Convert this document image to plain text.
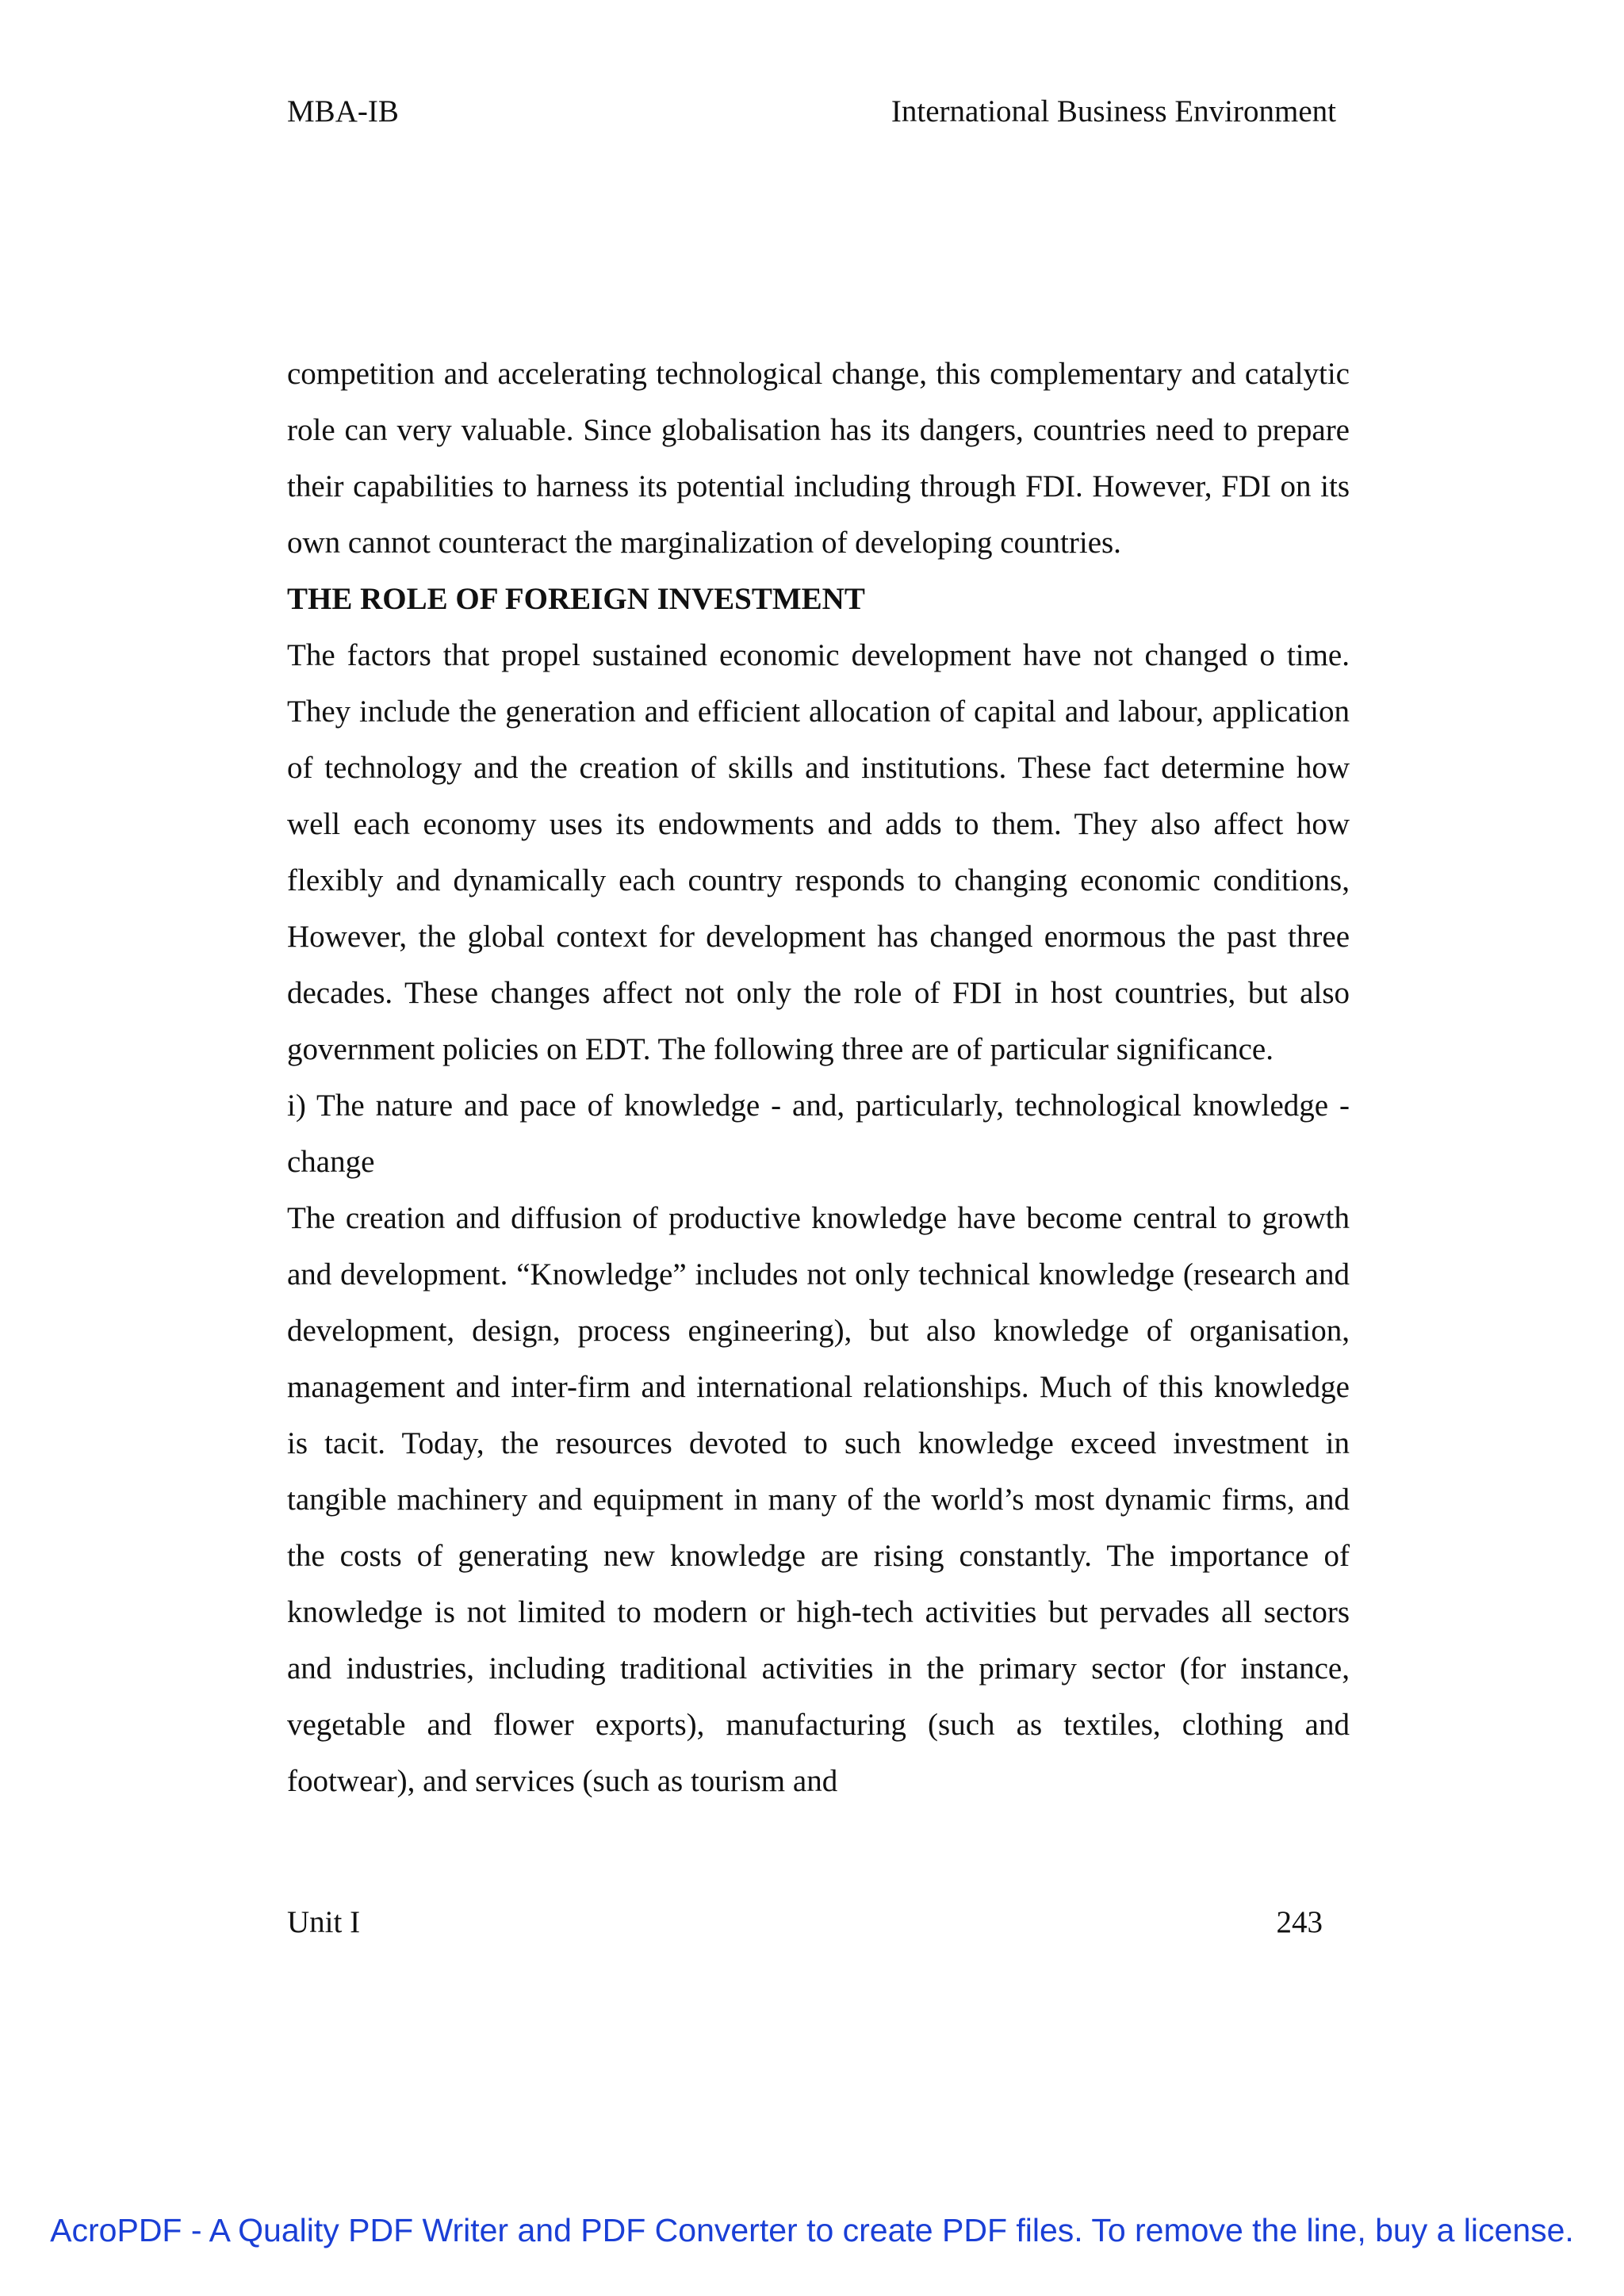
MBA-IB	International Business Environment

competition and accelerating technological change, this complementary and catalytic role can very valuable. Since globalisation has its dangers, countries need to prepare their capabilities to harness its potential including through FDI. However, FDI on its own cannot counteract the marginalization of developing countries.

THE ROLE OF FOREIGN INVESTMENT

The factors that propel sustained economic development have not changed o time. They include the generation and efficient allocation of capital and labour, application of technology and the creation of skills and institutions. These fact determine how well each economy uses its endowments and adds to them. They also affect how flexibly and dynamically each country responds to changing economic conditions, However, the global context for development has changed enormous the past three decades. These changes affect not only the role of FDI in host countries, but also government policies on EDT. The following three are of particular significance.

i) The nature and pace of knowledge - and, particularly, technological knowledge - change

The creation and diffusion of productive knowledge have become central to growth and development. “Knowledge” includes not only technical knowledge (research and development, design, process engineering), but also knowledge of organisation, management and inter-firm and international relationships. Much of this knowledge is tacit. Today, the resources devoted to such knowledge exceed investment in tangible machinery and equipment in many of the world’s most dynamic firms, and the costs of generating new knowledge are rising constantly. The importance of knowledge is not limited to modern or high-tech activities but pervades all sectors and industries, including traditional activities in the primary sector (for instance, vegetable and flower exports), manufacturing (such as textiles, clothing and footwear), and services (such as tourism and

Unit I	243
AcroPDF - A Quality PDF Writer and PDF Converter to create PDF files. To remove the line, buy a license.
